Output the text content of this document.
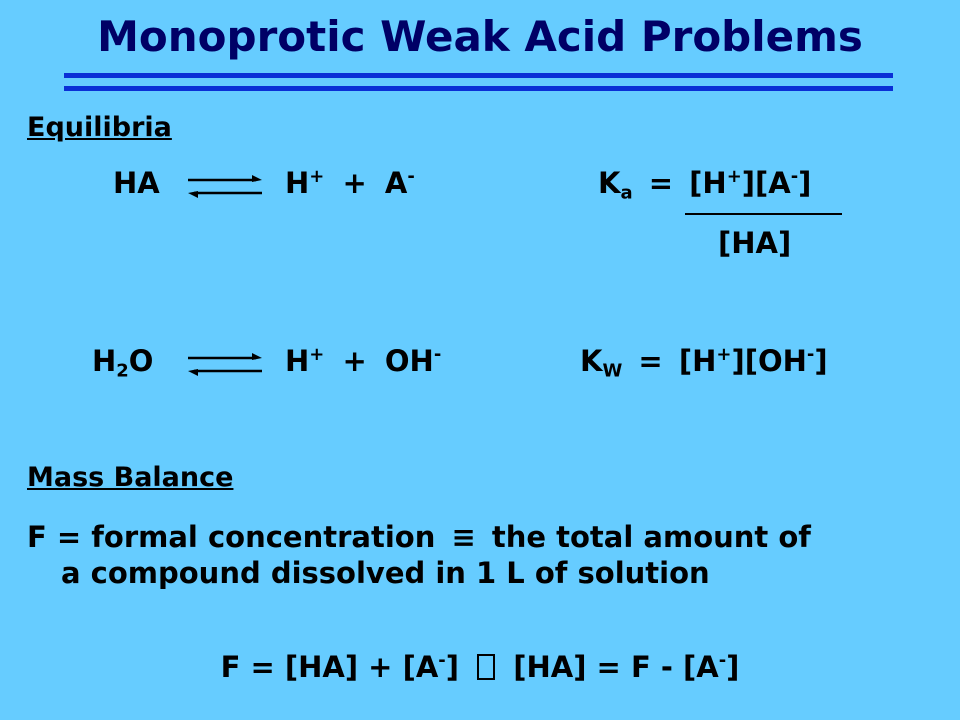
Monoprotic Weak Acid Problems
Equilibria
HA	H+ + A-	$K_a = [H^+][A^-]$
[HA]
$H_2O$	H+ + OH-	$K_W = [H^+][OH^-]$
Mass Balance
F = formal concentration ≡ the total amount of
a compound dissolved in 1 L of solution
F = [HA] + [A-] [HA] = F - [A-]
